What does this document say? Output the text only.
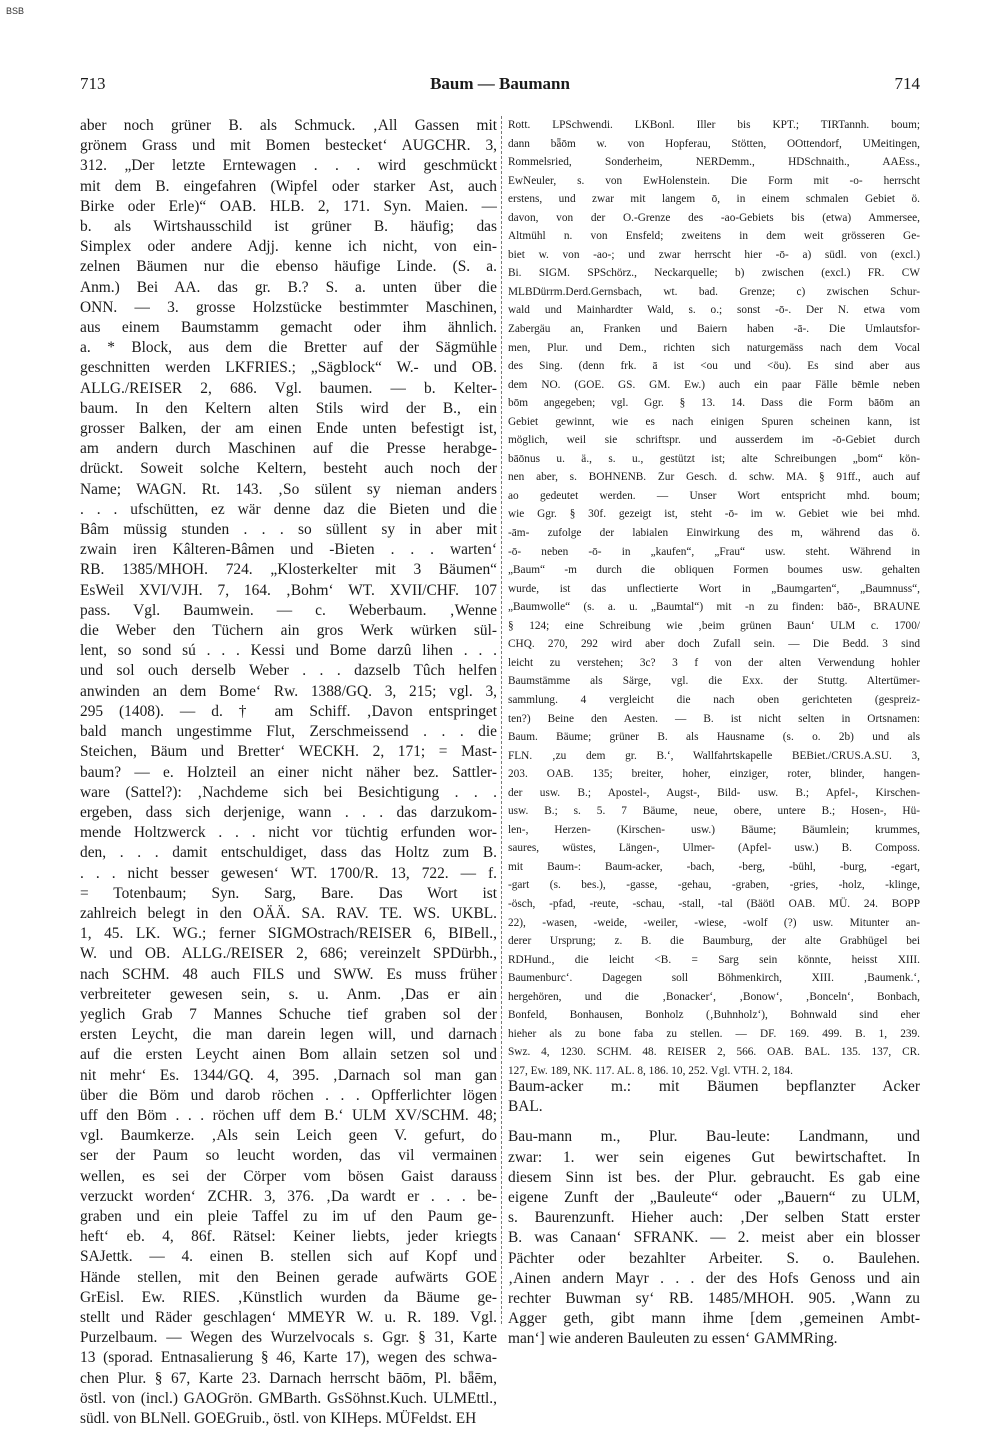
BSB
713	Baum — Baumann	714
aber noch grüner B. als Schmuck. ‚All Gassen mit
grönem Grass und mit Bomen bestecket‘ AUGCHR. 3,
312. „Der letzte Erntewagen . . . wird geschmückt
mit dem B. eingefahren (Wipfel oder starker Ast, auch
Birke oder Erle)“ OAB. HLB. 2, 171. Syn. Maien. —
b. als Wirtshausschild ist grüner B. häufig; das
Simplex oder andere Adjj. kenne ich nicht, von ein-
zelnen Bäumen nur die ebenso häufige Linde. (S. a.
Anm.) Bei AA. das gr. B.? S. a. unten über die
ONN. — 3. grosse Holzstücke bestimmter Maschinen,
aus einem Baumstamm gemacht oder ihm ähnlich.
a. * Block, aus dem die Bretter auf der Sägmühle
geschnitten werden LKFRIES.; „Sägblock“ W.- und OB.
ALLG./REISER 2, 686. Vgl. baumen. — b. Kelter-
baum. In den Keltern alten Stils wird der B., ein
grosser Balken, der am einen Ende unten befestigt ist,
am andern durch Maschinen auf die Presse herabge-
drückt. Soweit solche Keltern, besteht auch noch der
Name; WAGN. Rt. 143. ‚So sülent sy nieman anders
. . . ufschütten, ez wär denne daz die Bieten und die
Bâm müssig stunden . . . so süllent sy in aber mit
zwain iren Kâlteren-Bâmen und -Bieten . . . warten‘
RB. 1385/MHOH. 724. „Klosterkelter mit 3 Bäumen“
EsWeil XVI/VJH. 7, 164. ‚Bohm‘ WT. XVII/CHF. 107
pass. Vgl. Baumwein. — c. Weberbaum. ‚Wenne
die Weber den Tüchern ain gros Werk würken sül-
lent, so sond sú . . . Kessi und Bome darzû lihen . . .
und sol ouch derselb Weber . . . dazselb Tûch helfen
anwinden an dem Bome‘ Rw. 1388/GQ. 3, 215; vgl. 3,
295 (1408). — d. † am Schiff. ‚Davon entspringet
bald manch ungestimme Flut, Zerschmeissend . . . die
Steichen, Bäum und Bretter‘ WECKH. 2, 171; = Mast-
baum? — e. Holzteil an einer nicht näher bez. Sattler-
ware (Sattel?): ‚Nachdeme sich bei Besichtigung . . .
ergeben, dass sich derjenige, wann . . . das darzukom-
mende Holtzwerck . . . nicht vor tüchtig erfunden wor-
den, . . . damit entschuldiget, dass das Holtz zum B.
. . . nicht besser gewesen‘ WT. 1700/R. 13, 722. — f.
= Totenbaum; Syn. Sarg, Bare. Das Wort ist
zahlreich belegt in den OÄÄ. SA. RAV. TE. WS. UKBL.
1, 45. LK. WG.; ferner SIGMOstrach/REISER 6, BIBell.,
W. und OB. ALLG./REISER 2, 686; vereinzelt SPDürbh.,
nach SCHM. 48 auch FILS und SWW. Es muss früher
verbreiteter gewesen sein, s. u. Anm. ‚Das er ain
yeglich Grab 7 Mannes Schuche tief graben sol der
ersten Leycht, die man darein legen will, und darnach
auf die ersten Leycht ainen Bom allain setzen sol und
nit mehr‘ Es. 1344/GQ. 4, 395. ‚Darnach sol man gan
über die Böm und darob röchen . . . Opfferlichter lögen
uff den Böm . . . röchen uff dem B.‘ ULM XV/SCHM. 48;
vgl. Baumkerze. ‚Als sein Leich geen V. gefurt, do
ser der Paum so leucht worden, das vil vermainen
wellen, es sei der Cörper vom bösen Gaist darauss
verzuckt worden‘ ZCHR. 3, 376. ‚Da wardt er . . . be-
graben und ein pleie Taffel zu im uf den Paum ge-
heft‘ eb. 4, 86f. Rätsel: Keiner liebts, jeder kriegts
SAJettk. — 4. einen B. stellen sich auf Kopf und
Hände stellen, mit den Beinen gerade aufwärts GOE
GrEisl. Ew. RIES. ‚Künstlich wurden da Bäume ge-
stellt und Räder geschlagen‘ MMEYR W. u. R. 189. Vgl.
Purzelbaum. — Wegen des Wurzelvocals s. Ggr. § 31, Karte
13 (sporad. Entnasalierung § 46, Karte 17), wegen des schwa-
chen Plur. § 67, Karte 23. Darnach herrscht bāōm, Pl. bǟēm,
östl. von (incl.) GAOGrön. GMBarth. GsSöhnst.Kuch. ULMEttl.,
südl. von BLNell. GOEGruib., östl. von KIHeps. MÜFeldst. EH
Rott. LPSchwendi. LKBonl. Iller bis KPT.; TIRTannh. boum;
dann bǟōm w. von Hopferau, Stötten, OOttendorf, UMeitingen,
Rommelsried, Sonderheim, NERDemm., HDSchnaith., AAEss.,
EwNeuler, s. von EwHolenstein. Die Form mit -o- herrscht
erstens, und zwar mit langem ō, in einem schmalen Gebiet ö.
davon, von der O.-Grenze des -ao-Gebiets bis (etwa) Ammersee,
Altmühl n. von Ensfeld; zweitens in dem weit grösseren Ge-
biet w. von -ao-; und zwar herrscht hier -ō- a) südl. von (excl.)
Bi. SIGM. SPSchörz., Neckarquelle; b) zwischen (excl.) FR. CW
MLBDürrm.Derd.Gernsbach, wt. bad. Grenze; c) zwischen Schur-
wald und Mainhardter Wald, s. o.; sonst -ō-. Der N. etwa vom
Zabergäu an, Franken und Baiern haben -ā-. Die Umlautsfor-
men, Plur. und Dem., richten sich naturgemäss nach dem Vocal
des Sing. (denn frk. ā ist <ou und <öu). Es sind aber aus
dem NO. (GOE. GS. GM. Ew.) auch ein paar Fälle bēmle neben
bōm angegeben; vgl. Ggr. § 13. 14. Dass die Form bāōm an
Gebiet gewinnt, wie es nach einigen Spuren scheinen kann, ist
möglich, weil sie schriftspr. und ausserdem im -ō-Gebiet durch
bāōnus u. ä., s. u., gestützt ist; alte Schreibungen „bom“ kön-
nen aber, s. BOHNENB. Zur Gesch. d. schw. MA. § 91ff., auch auf
ao gedeutet werden. — Unser Wort entspricht mhd. boum;
wie Ggr. § 30f. gezeigt ist, steht -ō- im w. Gebiet wie bei mhd.
-ām- zufolge der labialen Einwirkung des m, während das ö.
-ō- neben -ō- in „kaufen“, „Frau“ usw. steht. Während in
„Baum“ -m durch die obliquen Formen boumes usw. gehalten
wurde, ist das unflectierte Wort in „Baumgarten“, „Baumnuss“,
„Baumwolle“ (s. a. u. „Baumtal“) mit -n zu finden: bāō-, BRAUNE
§ 124; eine Schreibung wie ‚beim grünen Baun‘ ULM c. 1700/
CHQ. 270, 292 wird aber doch Zufall sein. — Die Bedd. 3 sind
leicht zu verstehen; 3c? 3 f von der alten Verwendung hohler
Baumstämme als Särge, vgl. die Exx. der Stuttg. Altertümer-
sammlung. 4 vergleicht die nach oben gerichteten (gespreiz-
ten?) Beine den Aesten. — B. ist nicht selten in Ortsnamen:
Baum. Bäume; grüner B. als Hausname (s. o. 2b) und als
FLN. ‚zu dem gr. B.‘, Wallfahrtskapelle BEBiet./CRUS.A.SU. 3,
203. OAB. 135; breiter, hoher, einziger, roter, blinder, hangen-
der usw. B.; Apostel-, Augst-, Bild- usw. B.; Apfel-, Kirschen-
usw. B.; s. 5. 7 Bäume, neue, obere, untere B.; Hosen-, Hü-
len-, Herzen- (Kirschen- usw.) Bäume; Bäumlein; krummes,
saures, wüstes, Längen-, Ulmer- (Apfel- usw.) B. Composs.
mit Baum-: Baum-acker, -bach, -berg, -bühl, -burg, -egart,
-gart (s. bes.), -gasse, -gehau, -graben, -gries, -holz, -klinge,
-ösch, -pfad, -reute, -schau, -stall, -tal (Bäötl OAB. MÜ. 24. BOPP
22), -wasen, -weide, -weiler, -wiese, -wolf (?) usw. Mitunter an-
derer Ursprung; z. B. die Baumburg, der alte Grabhügel bei
RDHund., die leicht <B. = Sarg sein könnte, heisst XIII.
Baumenburc‘. Dagegen soll Böhmenkirch, XIII. ‚Baumenk.‘,
hergehören, und die ‚Bonacker‘, ‚Bonow‘, ‚Bonceln‘, Bonbach,
Bonfeld, Bonhausen, Bonholz (‚Buhnholz‘), Bohnwald sind eher
hieher als zu bone faba zu stellen. — DF. 169. 499. B. 1, 239.
Swz. 4, 1230. SCHM. 48. REISER 2, 566. OAB. BAL. 135. 137, CR.
127, Ew. 189, NK. 117. AL. 8, 186. 10, 252. Vgl. VTH. 2, 184.
Baum-acker m.: mit Bäumen bepflanzter Acker
BAL.
Bau-mann m., Plur. Bau-leute: Landmann, und
zwar: 1. wer sein eigenes Gut bewirtschaftet. In
diesem Sinn ist bes. der Plur. gebraucht. Es gab eine
eigene Zunft der „Bauleute“ oder „Bauern“ zu ULM,
s. Baurenzunft. Hieher auch: ‚Der selben Statt erster
B. was Canaan‘ SFRANK. — 2. meist aber ein blosser
Pächter oder bezahlter Arbeiter. S. o. Baulehen.
‚Ainen andern Mayr . . . der des Hofs Genoss und ain
rechter Buwman sy‘ RB. 1485/MHOH. 905. ‚Wann zu
Agger geth, gibt mann ihme [dem ‚gemeinen Ambt-
man‘] wie anderen Bauleuten zu essen‘ GAMMRing.
